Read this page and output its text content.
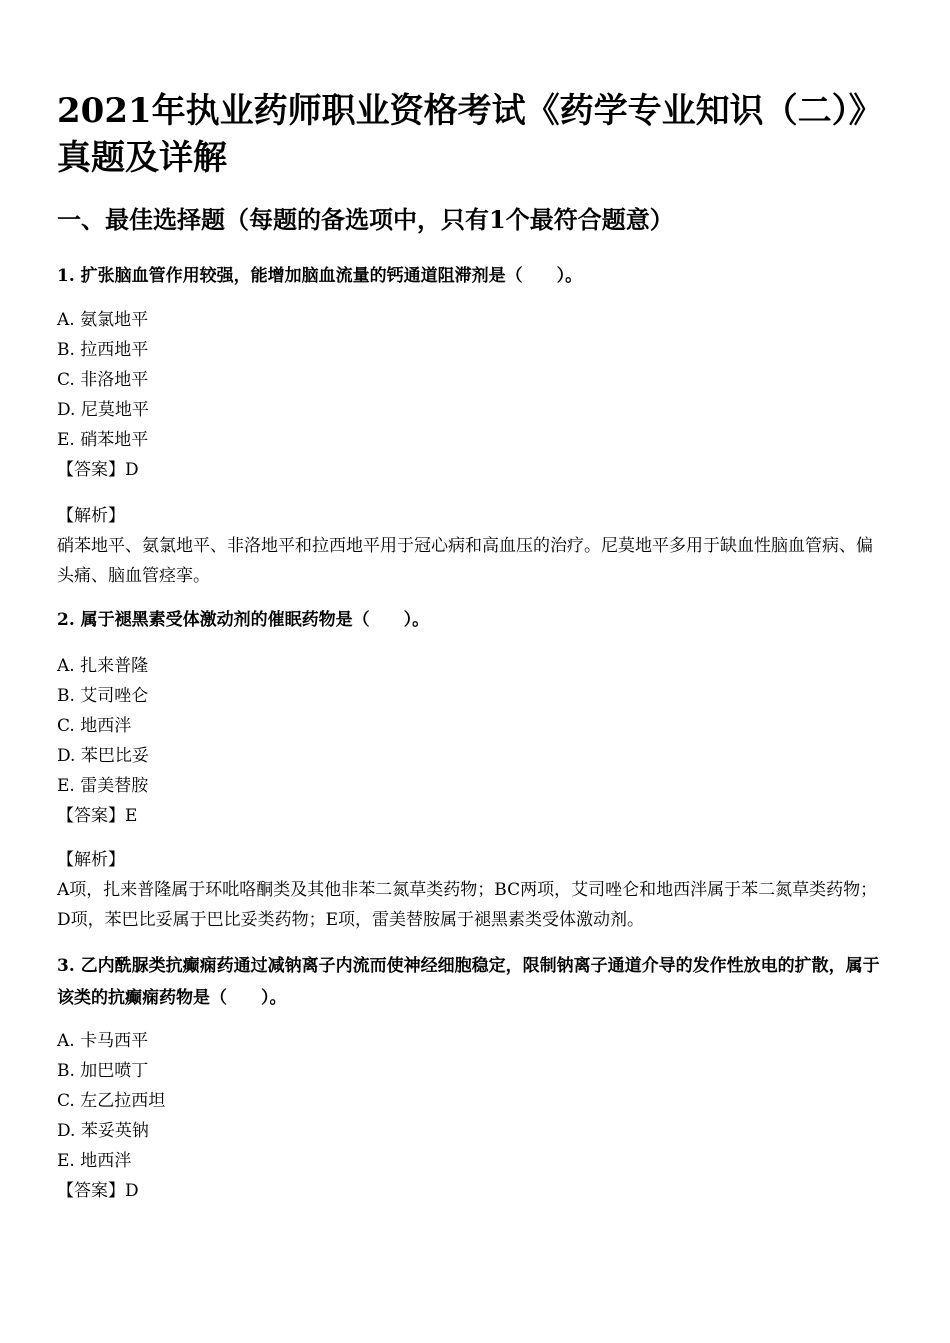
2021年执业药师职业资格考试《药学专业知识（二）》真题及详解
一、最佳选择题（每题的备选项中，只有1个最符合题意）

1. 扩张脑血管作用较强，能增加脑血流量的钙通道阻滞剂是（　　）。

A. 氨氯地平
B. 拉西地平
C. 非洛地平
D. 尼莫地平
E. 硝苯地平
【答案】D
【解析】
硝苯地平、氨氯地平、非洛地平和拉西地平用于冠心病和高血压的治疗。尼莫地平多用于缺血性脑血管病、偏头痛、脑血管痉挛。

2. 属于褪黑素受体激动剂的催眠药物是（　　）。

A. 扎来普隆
B. 艾司唑仑
C. 地西泮
D. 苯巴比妥
E. 雷美替胺
【答案】E
【解析】
A项，扎来普隆属于环吡咯酮类及其他非苯二氮草类药物；BC两项，艾司唑仑和地西泮属于苯二氮草类药物；D项，苯巴比妥属于巴比妥类药物；E项，雷美替胺属于褪黑素类受体激动剂。

3. 乙内酰脲类抗癫痫药通过减钠离子内流而使神经细胞稳定，限制钠离子通道介导的发作性放电的扩散，属于该类的抗癫痫药物是（　　）。

A. 卡马西平
B. 加巴喷丁
C. 左乙拉西坦
D. 苯妥英钠
E. 地西泮
【答案】D
